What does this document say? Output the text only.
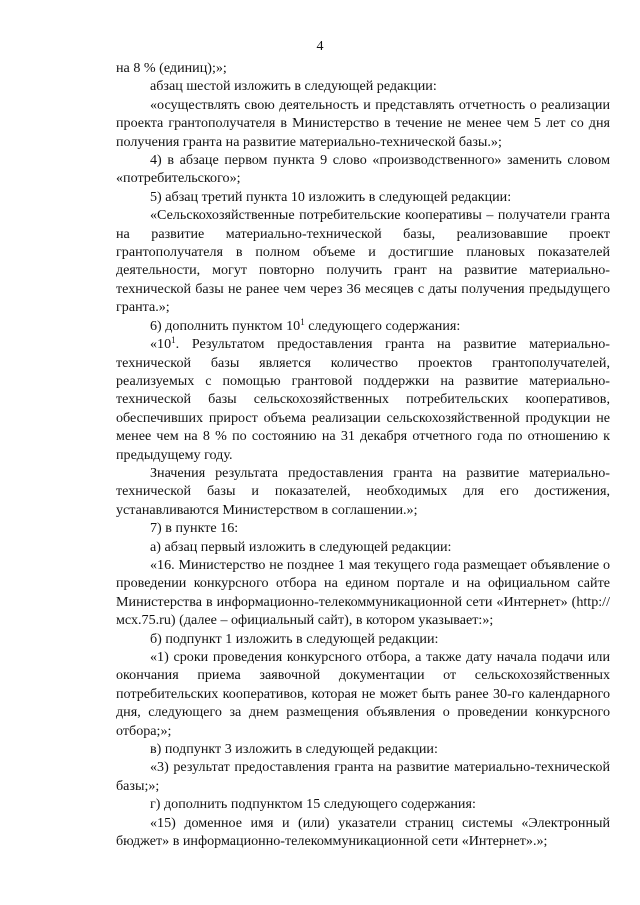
4

на 8 % (единиц);»;

абзац шестой изложить в следующей редакции:

«осуществлять свою деятельность и представлять отчетность о реализации проекта грантополучателя в Министерство в течение не менее чем 5 лет со дня получения гранта на развитие материально-технической базы.»;

4) в абзаце первом пункта 9 слово «производственного» заменить словом «потребительского»;

5) абзац третий пункта 10 изложить в следующей редакции:

«Сельскохозяйственные потребительские кооперативы – получатели гранта на развитие материально-технической базы, реализовавшие проект грантополучателя в полном объеме и достигшие плановых показателей деятельности, могут повторно получить грант на развитие материально-технической базы не ранее чем через 36 месяцев с даты получения предыдущего гранта.»;

6) дополнить пунктом $10^1$ следующего содержания:

«$10^1$. Результатом предоставления гранта на развитие материально-технической базы является количество проектов грантополучателей, реализуемых с помощью грантовой поддержки на развитие материально-технической базы сельскохозяйственных потребительских кооперативов, обеспечивших прирост объема реализации сельскохозяйственной продукции не менее чем на 8 % по состоянию на 31 декабря отчетного года по отношению к предыдущему году.

Значения результата предоставления гранта на развитие материально-технической базы и показателей, необходимых для его достижения, устанавливаются Министерством в соглашении.»;

7) в пункте 16:

а) абзац первый изложить в следующей редакции:

«16. Министерство не позднее 1 мая текущего года размещает объявление о проведении конкурсного отбора на едином портале и на официальном сайте Министерства в информационно-телекоммуникационной сети «Интернет» (http://мсх.75.ru) (далее – официальный сайт), в котором указывает:»;

б) подпункт 1 изложить в следующей редакции:

«1) сроки проведения конкурсного отбора, а также дату начала подачи или окончания приема заявочной документации от сельскохозяйственных потребительских кооперативов, которая не может быть ранее 30-го календарного дня, следующего за днем размещения объявления о проведении конкурсного отбора;»;

в) подпункт 3 изложить в следующей редакции:

«3) результат предоставления гранта на развитие материально-технической базы;»;

г) дополнить подпунктом 15 следующего содержания:

«15) доменное имя и (или) указатели страниц системы «Электронный бюджет» в информационно-телекоммуникационной сети «Интернет».»;
